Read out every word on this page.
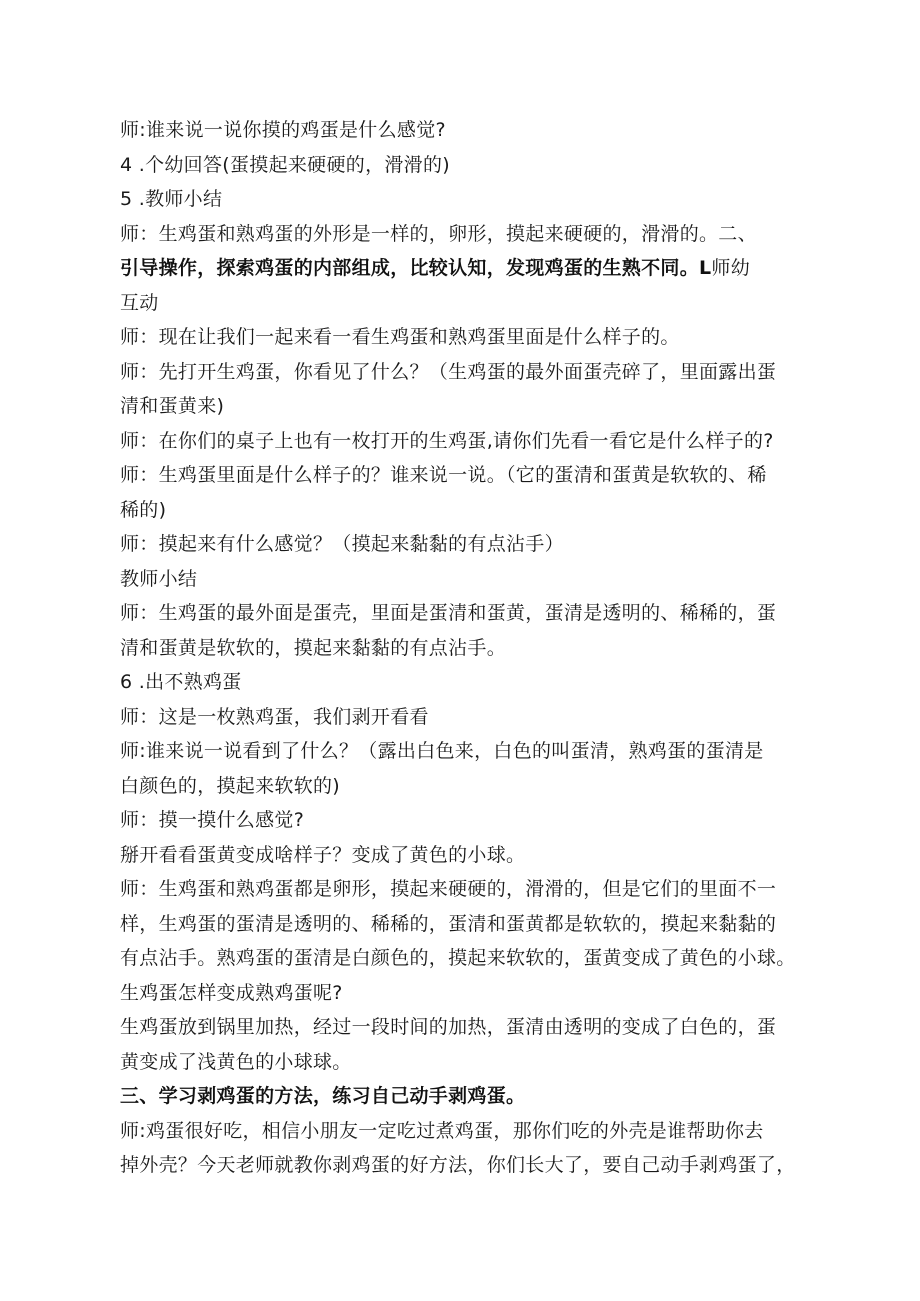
师:谁来说一说你摸的鸡蛋是什么感觉?

4 .个幼回答(蛋摸起来硬硬的，滑滑的)

5 .教师小结

师：生鸡蛋和熟鸡蛋的外形是一样的，卵形，摸起来硬硬的，滑滑的。二、

引导操作，探索鸡蛋的内部组成，比较认知，发现鸡蛋的生熟不同。L师幼

互动

师：现在让我们一起来看一看生鸡蛋和熟鸡蛋里面是什么样子的。

师：先打开生鸡蛋，你看见了什么？（生鸡蛋的最外面蛋壳碎了，里面露出蛋

清和蛋黄来)

师：在你们的桌子上也有一枚打开的生鸡蛋,请你们先看一看它是什么样子的?

师：生鸡蛋里面是什么样子的？谁来说一说。（它的蛋清和蛋黄是软软的、稀

稀的)

师：摸起来有什么感觉？（摸起来黏黏的有点沾手）

教师小结

师：生鸡蛋的最外面是蛋壳，里面是蛋清和蛋黄，蛋清是透明的、稀稀的，蛋

清和蛋黄是软软的，摸起来黏黏的有点沾手。

6 .出不熟鸡蛋

师：这是一枚熟鸡蛋，我们剥开看看

师:谁来说一说看到了什么？（露出白色来，白色的叫蛋清，熟鸡蛋的蛋清是

白颜色的，摸起来软软的)

师：摸一摸什么感觉?

掰开看看蛋黄变成啥样子？变成了黄色的小球。

师：生鸡蛋和熟鸡蛋都是卵形，摸起来硬硬的，滑滑的，但是它们的里面不一

样，生鸡蛋的蛋清是透明的、稀稀的，蛋清和蛋黄都是软软的，摸起来黏黏的

有点沾手。熟鸡蛋的蛋清是白颜色的，摸起来软软的，蛋黄变成了黄色的小球。

生鸡蛋怎样变成熟鸡蛋呢?

生鸡蛋放到锅里加热，经过一段时间的加热，蛋清由透明的变成了白色的，蛋

黄变成了浅黄色的小球球。

三、学习剥鸡蛋的方法，练习自己动手剥鸡蛋。

师:鸡蛋很好吃，相信小朋友一定吃过煮鸡蛋，那你们吃的外壳是谁帮助你去

掉外壳？今天老师就教你剥鸡蛋的好方法，你们长大了，要自己动手剥鸡蛋了，
